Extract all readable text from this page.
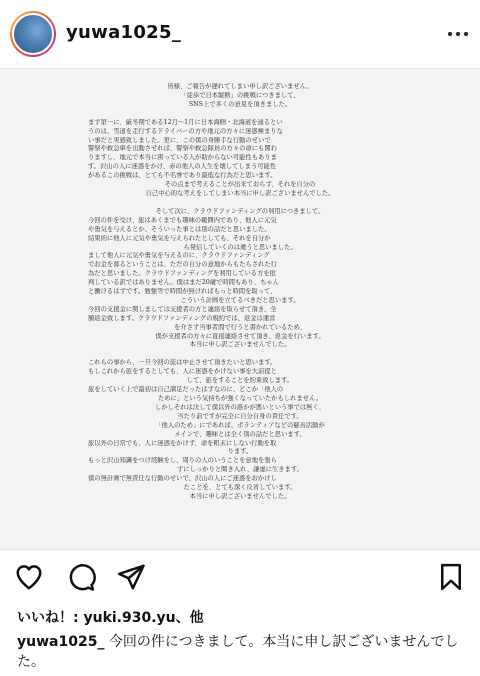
yuwa1025_

皆様、ご報告が遅れてしまい申し訳ございません。
「徒歩で日本縦断」の挑戦につきまして、
SNS上で多くの意見を頂きました。

まず第一に、厳冬期である12月〜1月に日本海側・北海道を通るとい
うのは、雪道を走行するドライバーの方や地元の方々に迷惑極まりな
い事だと実感致しました。更に、この僕の身勝手な行動のせいで
警察や救急車を出動させれば、警察や救急隊員の方々の命にも関わ
りますし、地元で本当に困っている人が助からない可能性もありま
す。沢山の人に迷惑をかけ、赤の他人の人生を壊してしまう可能性
があるこの挑戦は、とても不名誉であり最低な行為だと思います。
その点まで考えることが出来ておらず、それを自分の
自己中心的な考えをしてしまい本当に申し訳ございませんでした。

そして次に、クラウドファンディングの利用につきまして。
今回の件を受け、旅はあくまでも趣味の範囲内であり、他人に元気
や勇気を与えるとか、そういった事とは別の話だと思いました。
結果的に他人に元気や勇気を与えられたとしても、それを自分か
ら発信していくのは違うと思いました。
まして他人に元気や勇気を与えるのに、クラウドファンディング
でお金を募るということは、ただの自分の意地からもたらされた行
為だと思いました。クラウドファンディングを利用している方を批
判している訳ではありません。僕はまだ20歳で時間もあり、ちゃん
と働けるはずです。勉強等で時間が無ければもっと時間を取って、
こういう計画を立てるべきだと思います。
今回の支援金に関しましては支援者の方と連絡を取らせて頂き、全
額返金致します。クラウドファンディングの規約では、返金は運営
を介さず当事者間で行うと書かれているため、
僕が支援者の方々に直接連絡させて頂き、返金を行います。
本当に申し訳ございませんでした。

これらの事から、一旦今回の旅は中止させて頂きたいと思います。
もしこれから旅をするとしても、人に迷惑をかけない事を大前提と
して、旅をすることを約束致します。
旅をしていく上で最初は自己満足だったはずなのに、どこか「他人の
ために」という気持ちが強くなっていたかもしれません。
しかしそれは決して僕以外の誰かが悪いという事では無く、
当たり前ですが完全に自分自身の責任です。
「他人のため」にであれば、ボランティアなどの慈善活動が
メインで、趣味とは全く別の話だと思います。
旅以外の日常でも、人に迷惑をかけず、命を粗末にしない行動を取
ります。
もっと沢山知識をつけ経験をし、周りの人のいうことを意地を張ら
ずにしっかりと聞き入れ、謙虚に生きます。
僕の無計画で無責任な行動のせいで、沢山の人にご迷惑をおかけし
たことを、とても深く反省しています。
本当に申し訳ございませんでした。

いいね！: yuki.930.yu、他
yuwa1025_ 今回の件につきまして。本当に申し訳ございませんでした。
